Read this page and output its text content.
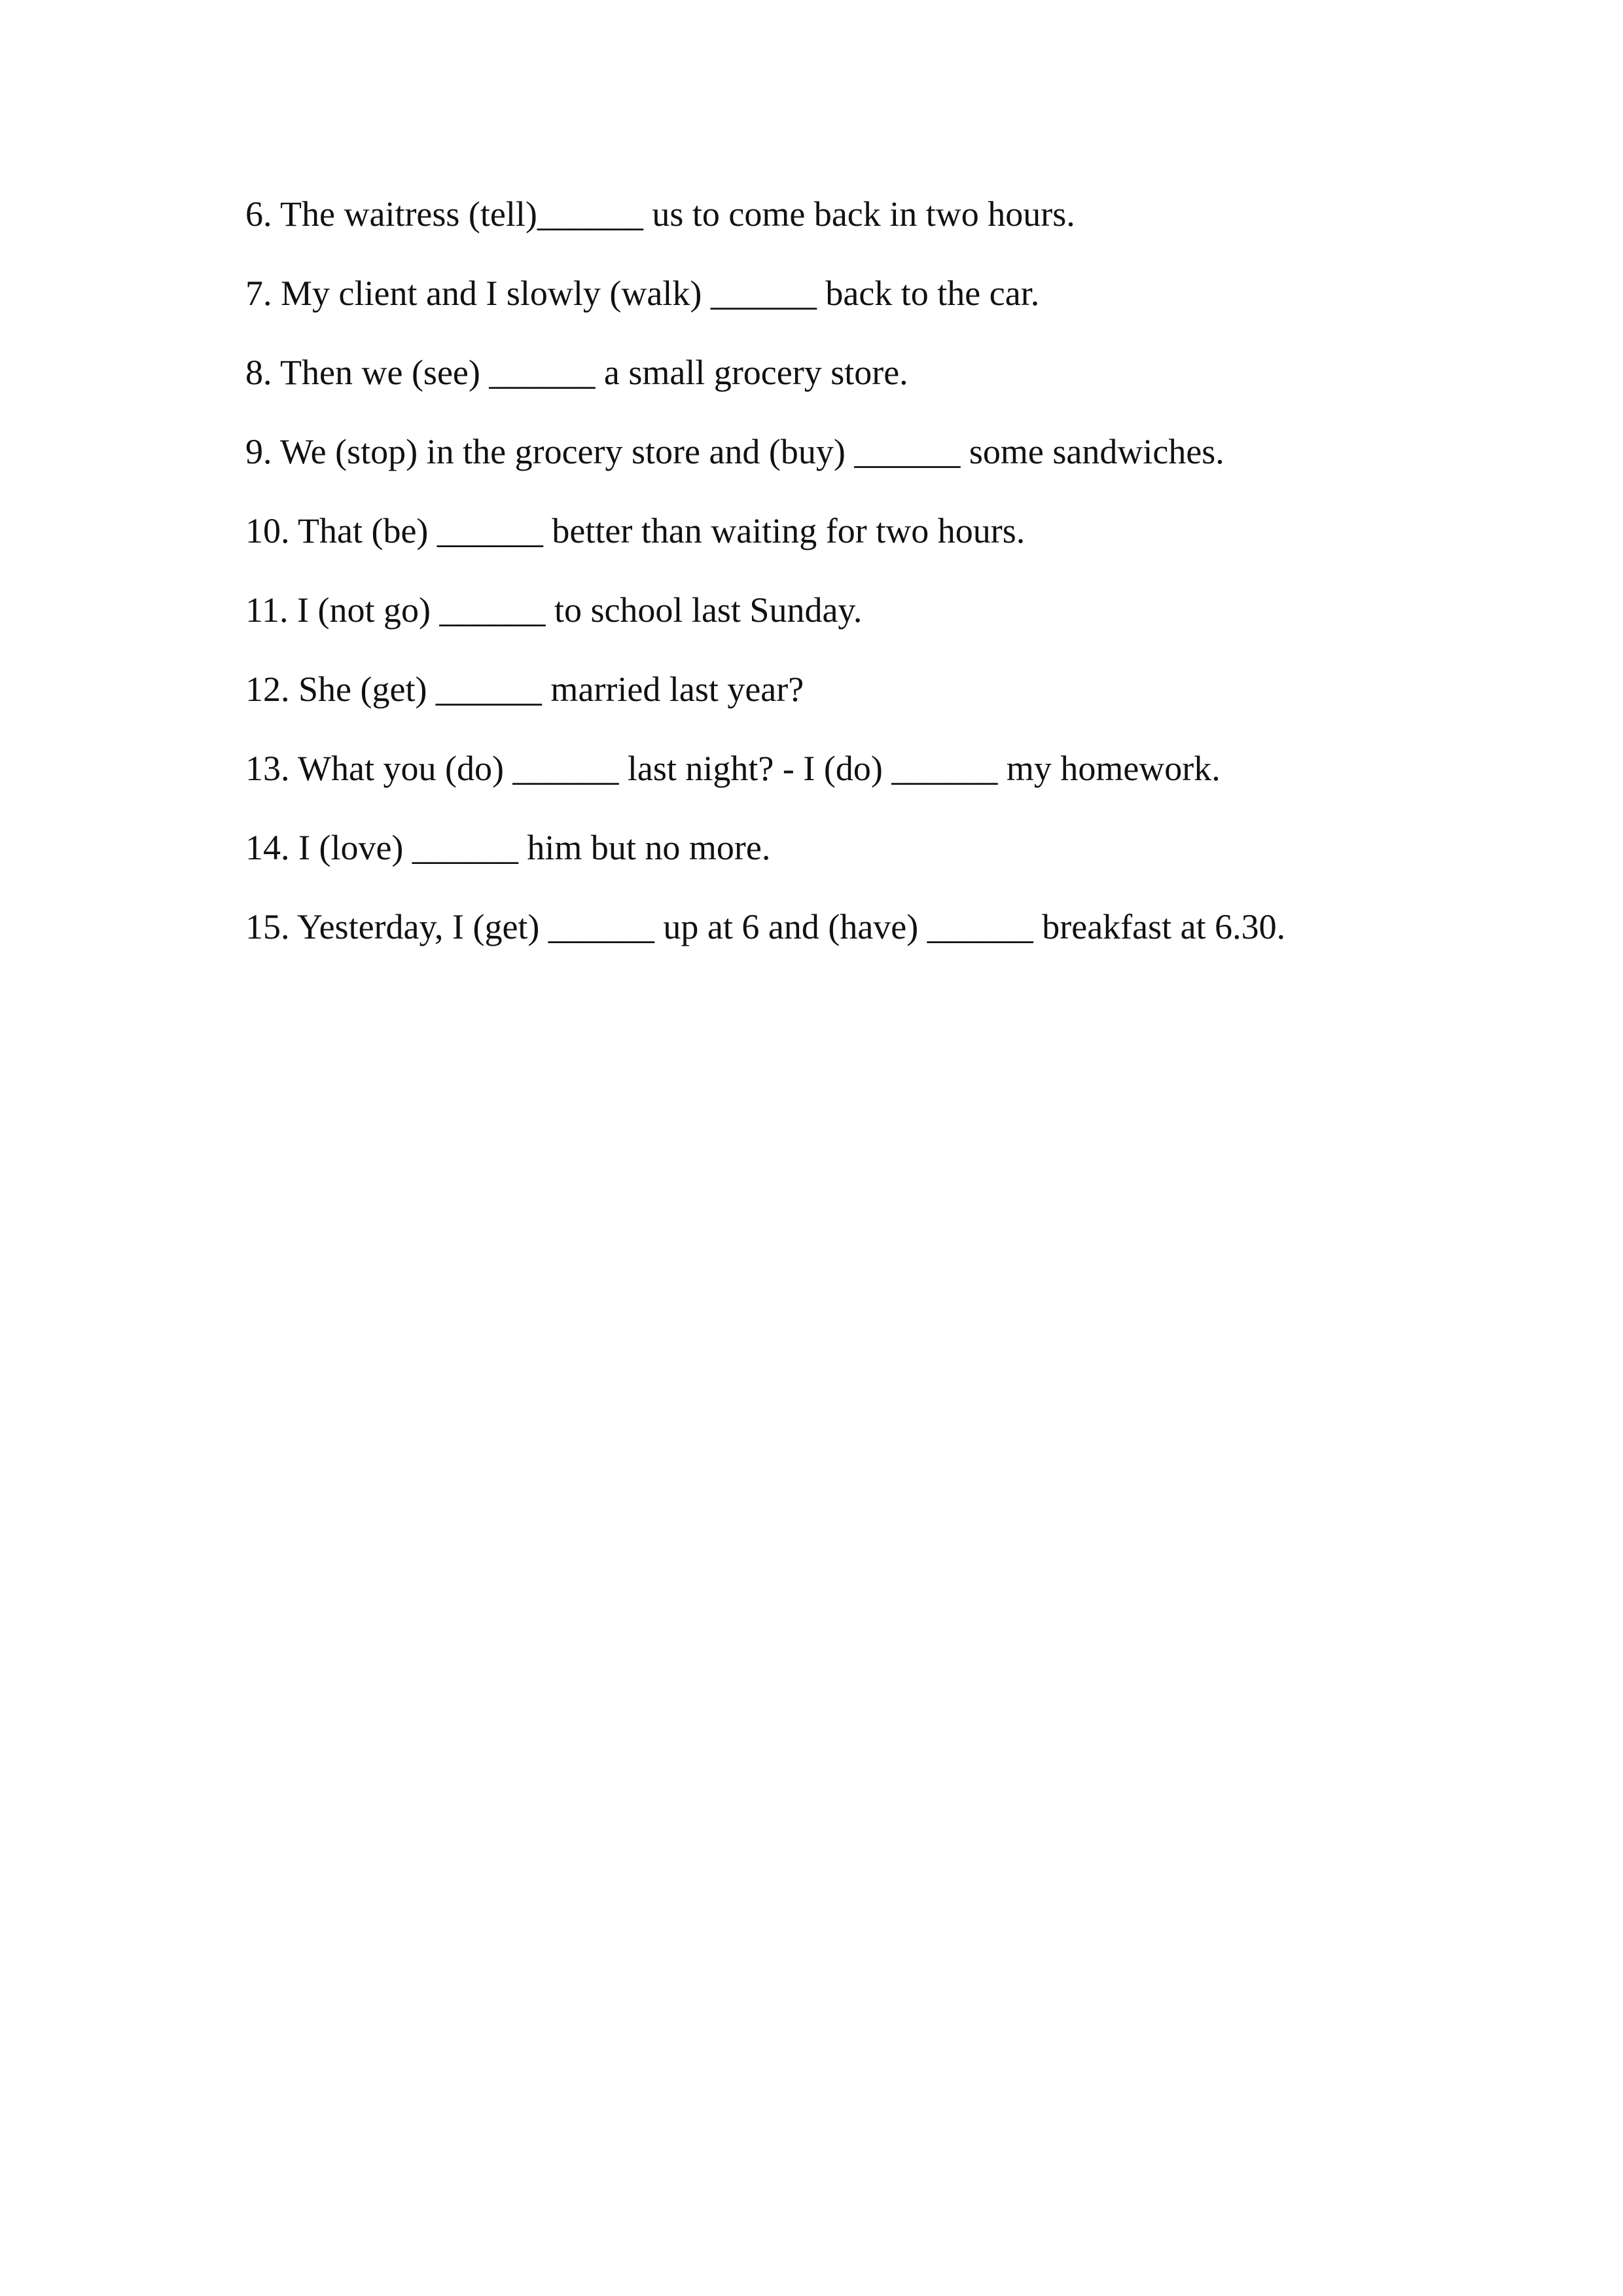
6. The waitress (tell)______ us to come back in two hours.
7. My client and I slowly (walk) ______ back to the car.
8. Then we (see) ______ a small grocery store.
9. We (stop) in the grocery store and (buy) ______ some sandwiches.
10. That (be) ______ better than waiting for two hours.
11. I (not go) ______ to school last Sunday.
12. She (get) ______ married last year?
13. What you (do) ______ last night? - I (do) ______ my homework.
14. I (love) ______ him but no more.
15. Yesterday, I (get) ______ up at 6 and (have) ______ breakfast at 6.30.
